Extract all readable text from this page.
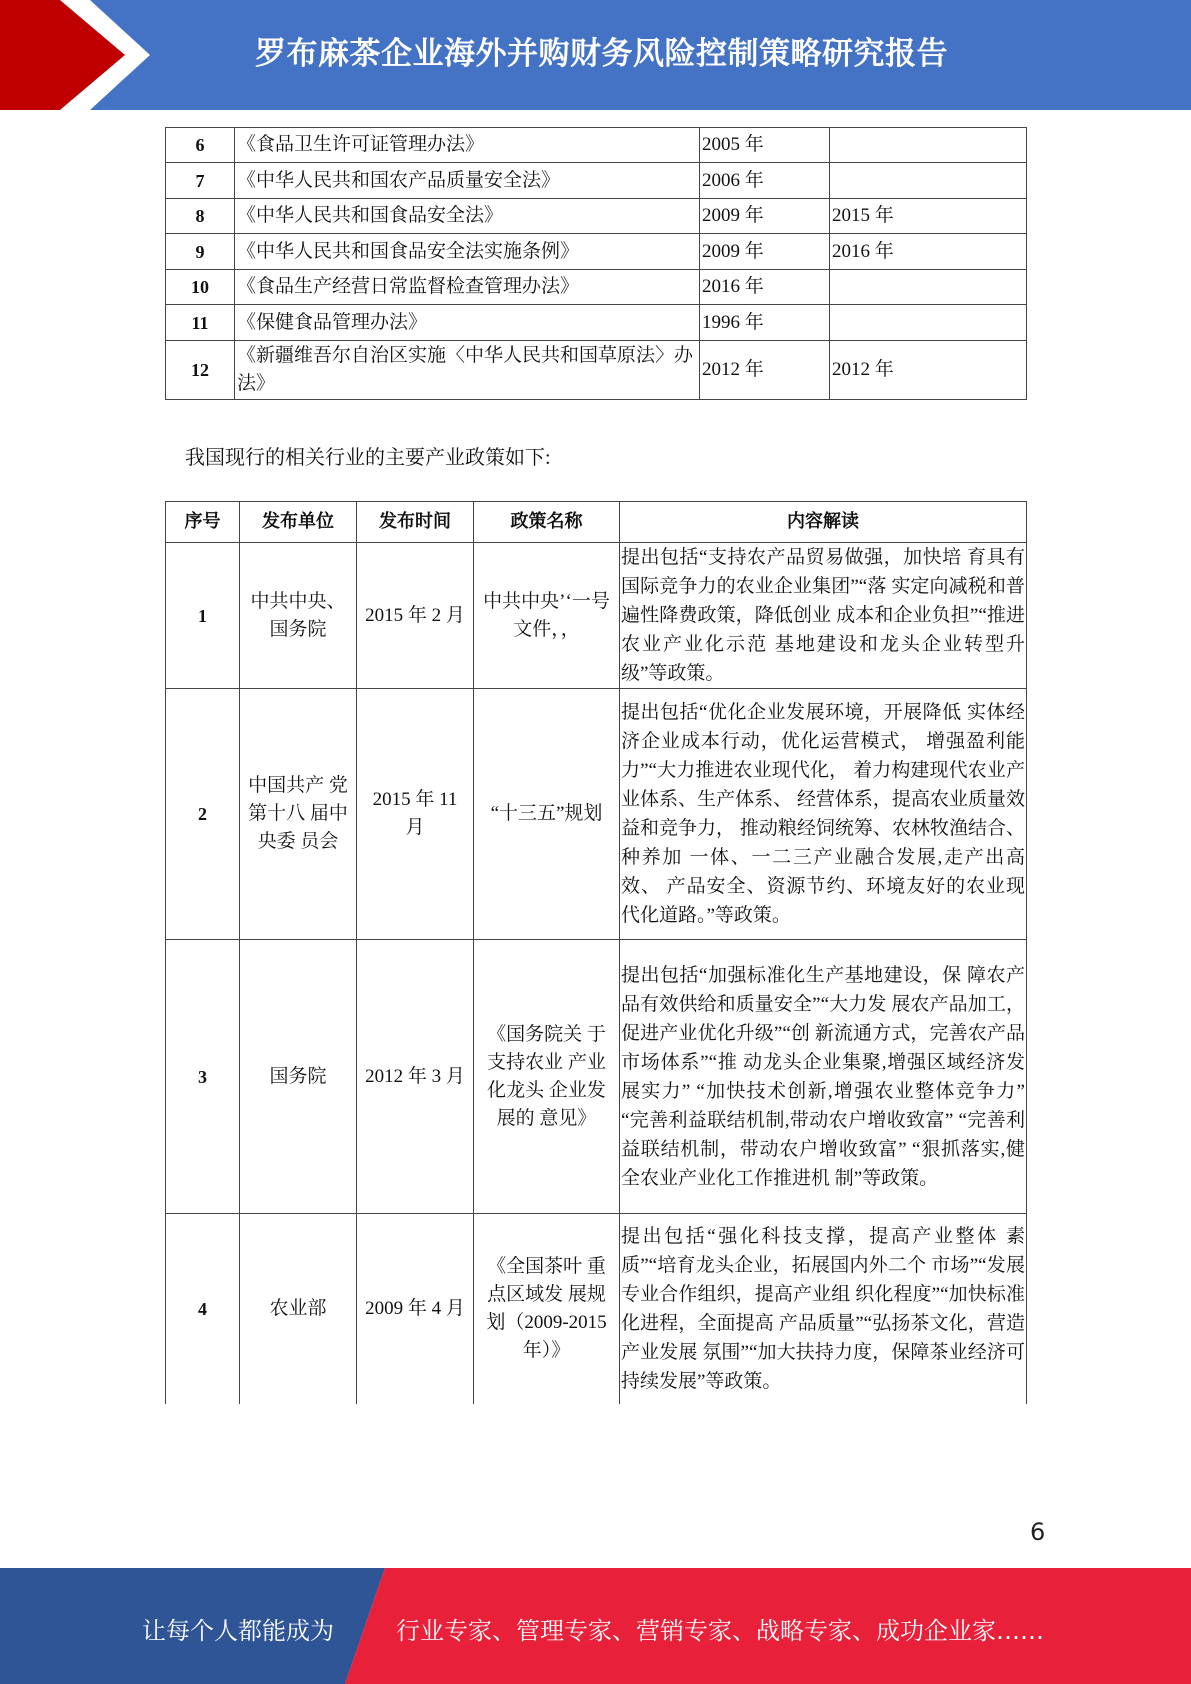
罗布麻茶企业海外并购财务风险控制策略研究报告
6	《食品卫生许可证管理办法》	2005 年	
7	《中华人民共和国农产品质量安全法》	2006 年	
8	《中华人民共和国食品安全法》	2009 年	2015 年
9	《中华人民共和国食品安全法实施条例》	2009 年	2016 年
10	《食品生产经营日常监督检查管理办法》	2016 年	
11	《保健食品管理办法》	1996 年	
12	《新疆维吾尔自治区实施〈中华人民共和国草原法〉办法》	2012 年	2012 年
我国现行的相关行业的主要产业政策如下:
序号	发布单位	发布时间	政策名称	内容解读
1	中共中央、国务院	2015 年 2 月	中共中央’‘一号文件，，	提出包括“支持农产品贸易做强，加快培 育具有国际竞争力的农业企业集团”“落 实定向减税和普遍性降费政策，降低创业 成本和企业负担”“推进农业产业化示范 基地建设和龙头企业转型升级”等政策。
2	中国共产 党第十八 届中央委 员会	2015 年 11 月	“十三五”规划	提出包括“优化企业发展环境，开展降低 实体经济企业成本行动，优化运营模式， 增强盈利能力”“大力推进农业现代化， 着力构建现代农业产业体系、生产体系、 经营体系，提高农业质量效益和竞争力， 推动粮经饲统筹、农林牧渔结合、种养加 一体、一二三产业融合发展,走产出高效、 产品安全、资源节约、环境友好的农业现 代化道路。”等政策。
3	国务院	2012 年 3 月	《国务院关 于支持农业 产业化龙头 企业发展的 意见》	提出包括“加强标准化生产基地建设，保 障农产品有效供给和质量安全”“大力发 展农产品加工，促进产业优化升级”“创 新流通方式，完善农产品市场体系”“推 动龙头企业集聚,增强区域经济发展实力” “加快技术创新,增强农业整体竞争力” “完善利益联结机制,带动农户增收致富” “完善利益联结机制，带动农户增收致富” “狠抓落实,健全农业产业化工作推进机 制”等政策。
4	农业部	2009 年 4 月	《全国茶叶 重点区域发 展规划（2009-2015 年）》	提出包括“强化科技支撑，提高产业整体 素质”“培育龙头企业，拓展国内外二个 市场”“发展专业合作组织，提高产业组 织化程度”“加快标准化进程，全面提高 产品质量”“弘扬茶文化，营造产业发展 氛围”“加大扶持力度，保障茶业经济可 持续发展”等政策。
6
让每个人都能成为	行业专家、管理专家、营销专家、战略专家、成功企业家……
